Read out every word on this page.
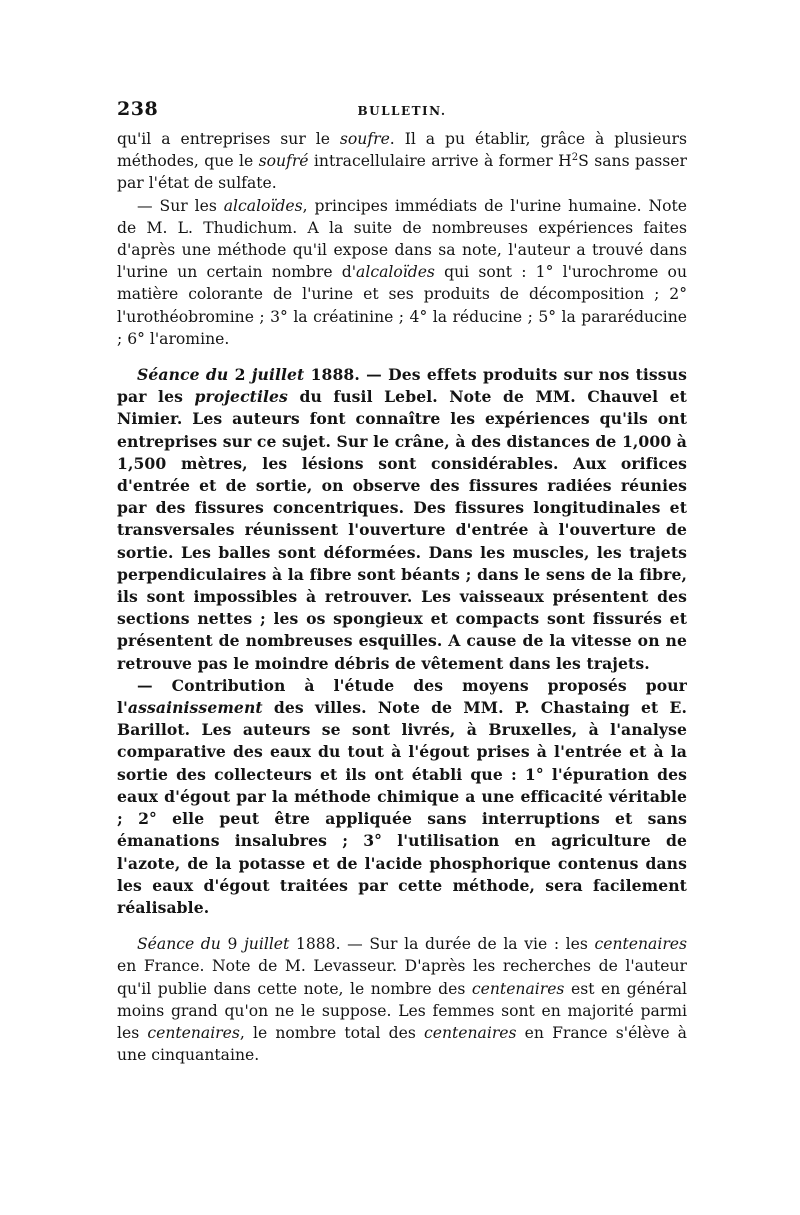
238	BULLETIN.

qu'il a entreprises sur le soufre. Il a pu établir, grâce à plusieurs méthodes, que le soufré intracellulaire arrive à former $H^2S$ sans passer par l'état de sulfate.

— Sur les alcaloïdes, principes immédiats de l'urine humaine. Note de M. L. Thudichum. A la suite de nombreuses expériences faites d'après une méthode qu'il expose dans sa note, l'auteur a trouvé dans l'urine un certain nombre d'alcaloïdes qui sont : 1° l'urochrome ou matière colorante de l'urine et ses produits de décomposition ; 2° l'urothéobromine ; 3° la créatinine ; 4° la réducine ; 5° la pararéducine ; 6° l'aromine.

Séance du 2 juillet 1888. — Des effets produits sur nos tissus par les projectiles du fusil Lebel. Note de MM. Chauvel et Nimier. Les auteurs font connaître les expériences qu'ils ont entreprises sur ce sujet. Sur le crâne, à des distances de 1,000 à 1,500 mètres, les lésions sont considérables. Aux orifices d'entrée et de sortie, on observe des fissures radiées réunies par des fissures concentriques. Des fissures longitudinales et transversales réunissent l'ouverture d'entrée à l'ouverture de sortie. Les balles sont déformées. Dans les muscles, les trajets perpendiculaires à la fibre sont béants ; dans le sens de la fibre, ils sont impossibles à retrouver. Les vaisseaux présentent des sections nettes ; les os spongieux et compacts sont fissurés et présentent de nombreuses esquilles. A cause de la vitesse on ne retrouve pas le moindre débris de vêtement dans les trajets.

— Contribution à l'étude des moyens proposés pour l'assainissement des villes. Note de MM. P. Chastaing et E. Barillot. Les auteurs se sont livrés, à Bruxelles, à l'analyse comparative des eaux du tout à l'égout prises à l'entrée et à la sortie des collecteurs et ils ont établi que : 1° l'épuration des eaux d'égout par la méthode chimique a une efficacité véritable ; 2° elle peut être appliquée sans interruptions et sans émanations insalubres ; 3° l'utilisation en agriculture de l'azote, de la potasse et de l'acide phosphorique contenus dans les eaux d'égout traitées par cette méthode, sera facilement réalisable.

Séance du 9 juillet 1888. — Sur la durée de la vie : les centenaires en France. Note de M. Levasseur. D'après les recherches de l'auteur qu'il publie dans cette note, le nombre des centenaires est en général moins grand qu'on ne le suppose. Les femmes sont en majorité parmi les centenaires, le nombre total des centenaires en France s'élève à une cinquantaine.
